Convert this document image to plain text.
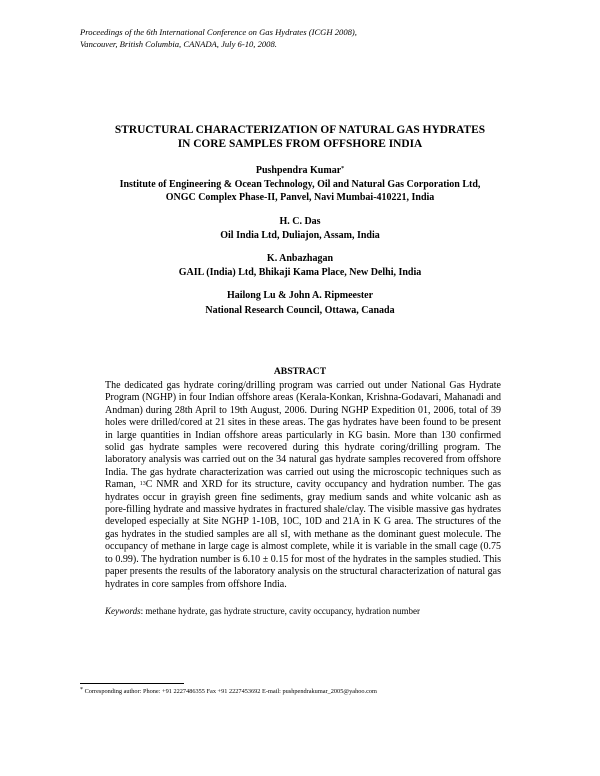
Proceedings of the 6th International Conference on Gas Hydrates (ICGH 2008),
Vancouver, British Columbia, CANADA, July 6-10, 2008.
STRUCTURAL CHARACTERIZATION OF NATURAL GAS HYDRATES
IN CORE SAMPLES FROM OFFSHORE INDIA
Pushpendra Kumar*
Institute of Engineering & Ocean Technology, Oil and Natural Gas Corporation Ltd,
ONGC Complex Phase-II, Panvel, Navi Mumbai-410221, India
H. C. Das
Oil India Ltd, Duliajon, Assam, India
K. Anbazhagan
GAIL (India) Ltd, Bhikaji Kama Place, New Delhi, India
Hailong Lu & John A. Ripmeester
National Research Council, Ottawa, Canada
ABSTRACT
The dedicated gas hydrate coring/drilling program was carried out under National Gas Hydrate Program (NGHP) in four Indian offshore areas (Kerala-Konkan, Krishna-Godavari, Mahanadi and Andman) during 28th April to 19th August, 2006. During NGHP Expedition 01, 2006, total of 39 holes were drilled/cored at 21 sites in these areas. The gas hydrates have been found to be present in large quantities in Indian offshore areas particularly in KG basin. More than 130 confirmed solid gas hydrate samples were recovered during this hydrate coring/drilling program. The laboratory analysis was carried out on the 34 natural gas hydrate samples recovered from offshore India. The gas hydrate characterization was carried out using the microscopic techniques such as Raman, $^{13}$C NMR and XRD for its structure, cavity occupancy and hydration number. The gas hydrates occur in grayish green fine sediments, gray medium sands and white volcanic ash as pore-filling hydrate and massive hydrates in fractured shale/clay. The visible massive gas hydrates developed especially at Site NGHP 1-10B, 10C, 10D and 21A in K G area. The structures of the gas hydrates in the studied samples are all sI, with methane as the dominant guest molecule. The occupancy of methane in large cage is almost complete, while it is variable in the small cage (0.75 to 0.99). The hydration number is 6.10 ± 0.15 for most of the hydrates in the samples studied. This paper presents the results of the laboratory analysis on the structural characterization of natural gas hydrates in core samples from offshore India.
Keywords: methane hydrate, gas hydrate structure, cavity occupancy, hydration number
* Corresponding author: Phone: +91 2227486355 Fax +91 2227453692 E-mail: pushpendrakumar_2005@yahoo.com
